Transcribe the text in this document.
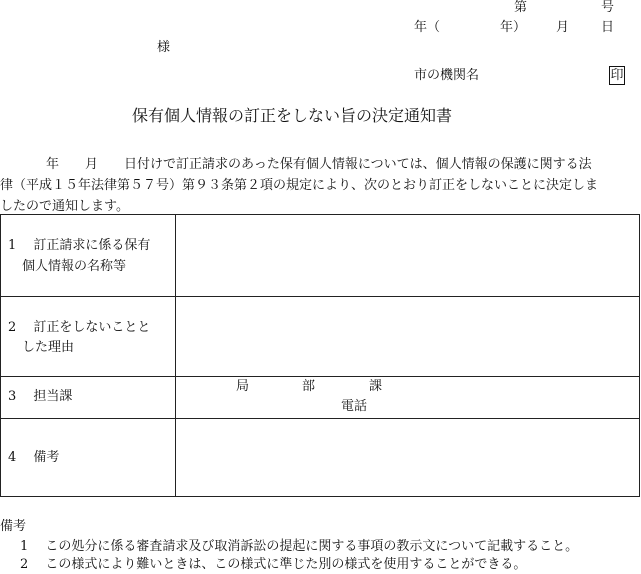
第	号
年（	年） 月 日
様
市の機関名	印
保有個人情報の訂正をしない旨の決定通知書
年　　月　　日付けで訂正請求のあった保有個人情報については、個人情報の保護に関する法
律（平成１５年法律第５７号）第９３条第２項の規定により、次のとおり訂正をしないことに決定しま
したので通知します。
1　 訂正請求に係る保有
個人情報の名称等
2　 訂正をしないことと
した理由
3　 担当課
局	部	課
電話
4　 備考
備考
1　 この処分に係る審査請求及び取消訴訟の提起に関する事項の教示文について記載すること。
2　 この様式により難いときは、この様式に準じた別の様式を使用することができる。
